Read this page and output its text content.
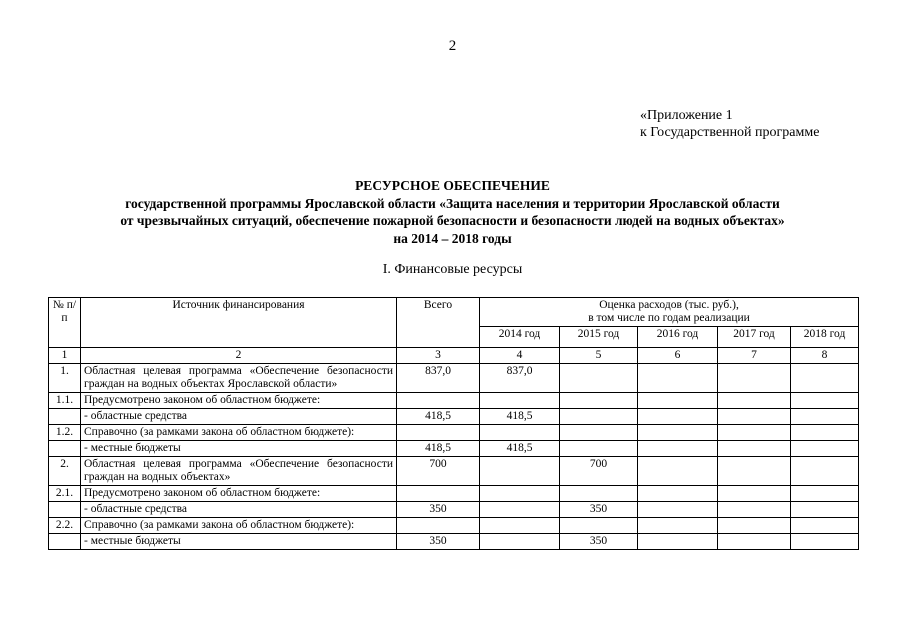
2
«Приложение 1
к Государственной программе
РЕСУРСНОЕ ОБЕСПЕЧЕНИЕ
государственной программы Ярославской области «Защита населения и территории Ярославской области
от чрезвычайных ситуаций, обеспечение пожарной безопасности и безопасности людей на водных объектах»
на 2014 – 2018 годы
I. Финансовые ресурсы
№ п/п	Источник финансирования	Всего	Оценка расходов (тыс. руб.),
в том числе по годам реализации				

			2014 год	2015 год	2016 год	2017 год	2018 год
1	2	3	4	5	6	7	8
1.	Областная целевая программа «Обеспечение безопасности граждан на водных объектах Ярославской области»	837,0	837,0				
1.1.	Предусмотрено законом об областном бюджете:						
	- областные средства	418,5	418,5				
1.2.	Справочно (за рамками закона об областном бюджете):						
	- местные бюджеты	418,5	418,5				
2.	Областная целевая программа «Обеспечение безопасности граждан на водных объектах»	700		700			
2.1.	Предусмотрено законом об областном бюджете:						
	- областные средства	350		350			
2.2.	Справочно (за рамками закона об областном бюджете):						
	- местные бюджеты	350		350			
